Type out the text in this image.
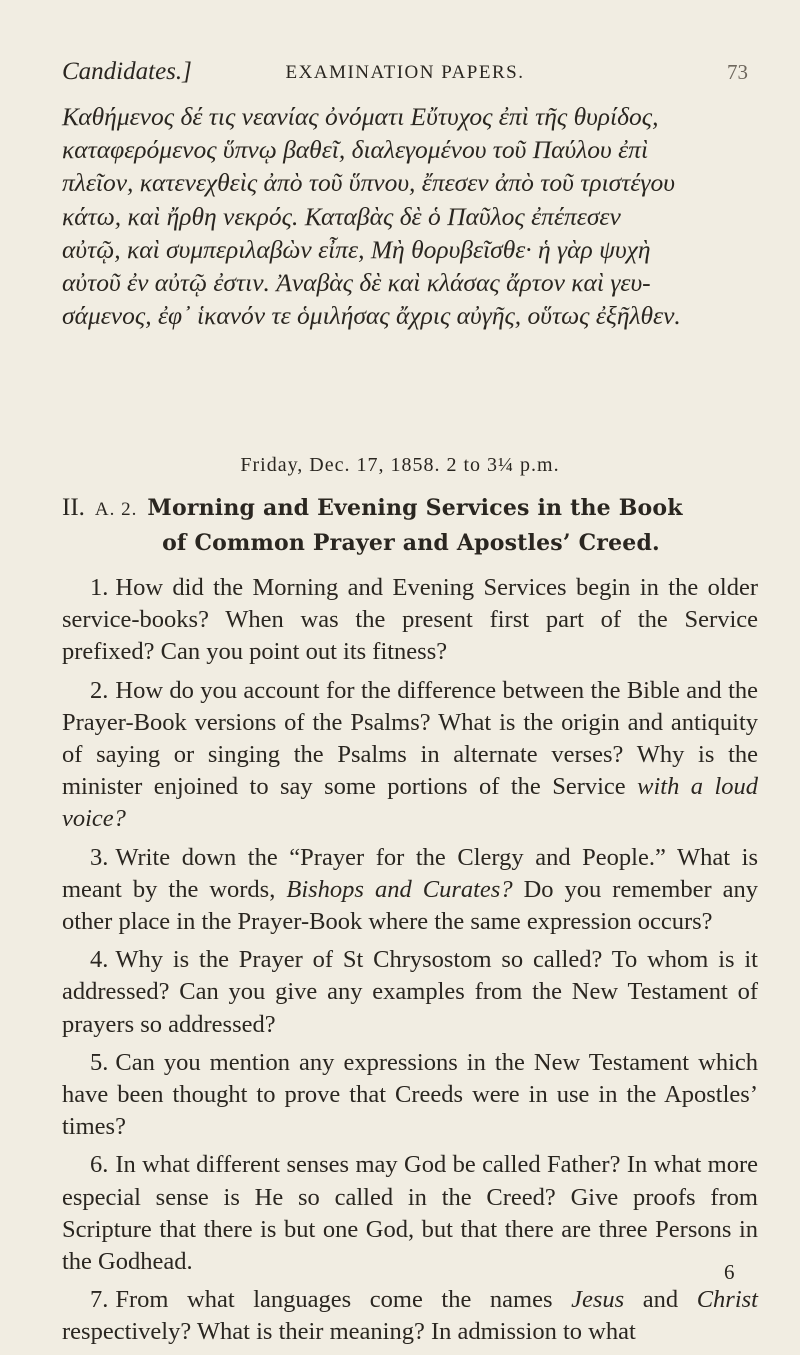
Candidates.]	EXAMINATION PAPERS.	73
Καθήμενος δέ τις νεανίας ὀνόματι Εὔτυχος ἐπὶ τῆς θυρίδος,
καταφερόμενος ὕπνῳ βαθεῖ, διαλεγομένου τοῦ Παύλου ἐπὶ
πλεῖον, κατενεχθεὶς ἀπὸ τοῦ ὕπνου, ἔπεσεν ἀπὸ τοῦ τριστέγου
κάτω, καὶ ἤρθη νεκρός. Καταβὰς δὲ ὁ Παῦλος ἐπέπεσεν
αὐτῷ, καὶ συμπεριλαβὼν εἶπε, Μὴ θορυβεῖσθε· ἡ γὰρ ψυχὴ
αὐτοῦ ἐν αὐτῷ ἐστιν. Ἀναβὰς δὲ καὶ κλάσας ἄρτον καὶ γευ-
σάμενος, ἐφ᾽ ἱκανόν τε ὁμιλήσας ἄχρις αὐγῆς, οὕτως ἐξῆλθεν.
Friday, Dec. 17, 1858. 2 to 3¼ p.m.
II. A. 2. Morning and Evening Services in the Book
of Common Prayer and Apostles’ Creed.

1. How did the Morning and Evening Services begin in the older service-books? When was the present first part of the Service prefixed? Can you point out its fitness?

2. How do you account for the difference between the Bible and the Prayer-Book versions of the Psalms? What is the origin and antiquity of saying or singing the Psalms in alternate verses? Why is the minister enjoined to say some portions of the Service with a loud voice?

3. Write down the “Prayer for the Clergy and People.” What is meant by the words, Bishops and Curates? Do you remember any other place in the Prayer-Book where the same expression occurs?

4. Why is the Prayer of St Chrysostom so called? To whom is it addressed? Can you give any examples from the New Testament of prayers so addressed?

5. Can you mention any expressions in the New Testament which have been thought to prove that Creeds were in use in the Apostles’ times?

6. In what different senses may God be called Father? In what more especial sense is He so called in the Creed? Give proofs from Scripture that there is but one God, but that there are three Persons in the Godhead.

7. From what languages come the names Jesus and Christ respectively? What is their meaning? In admission to what

6
